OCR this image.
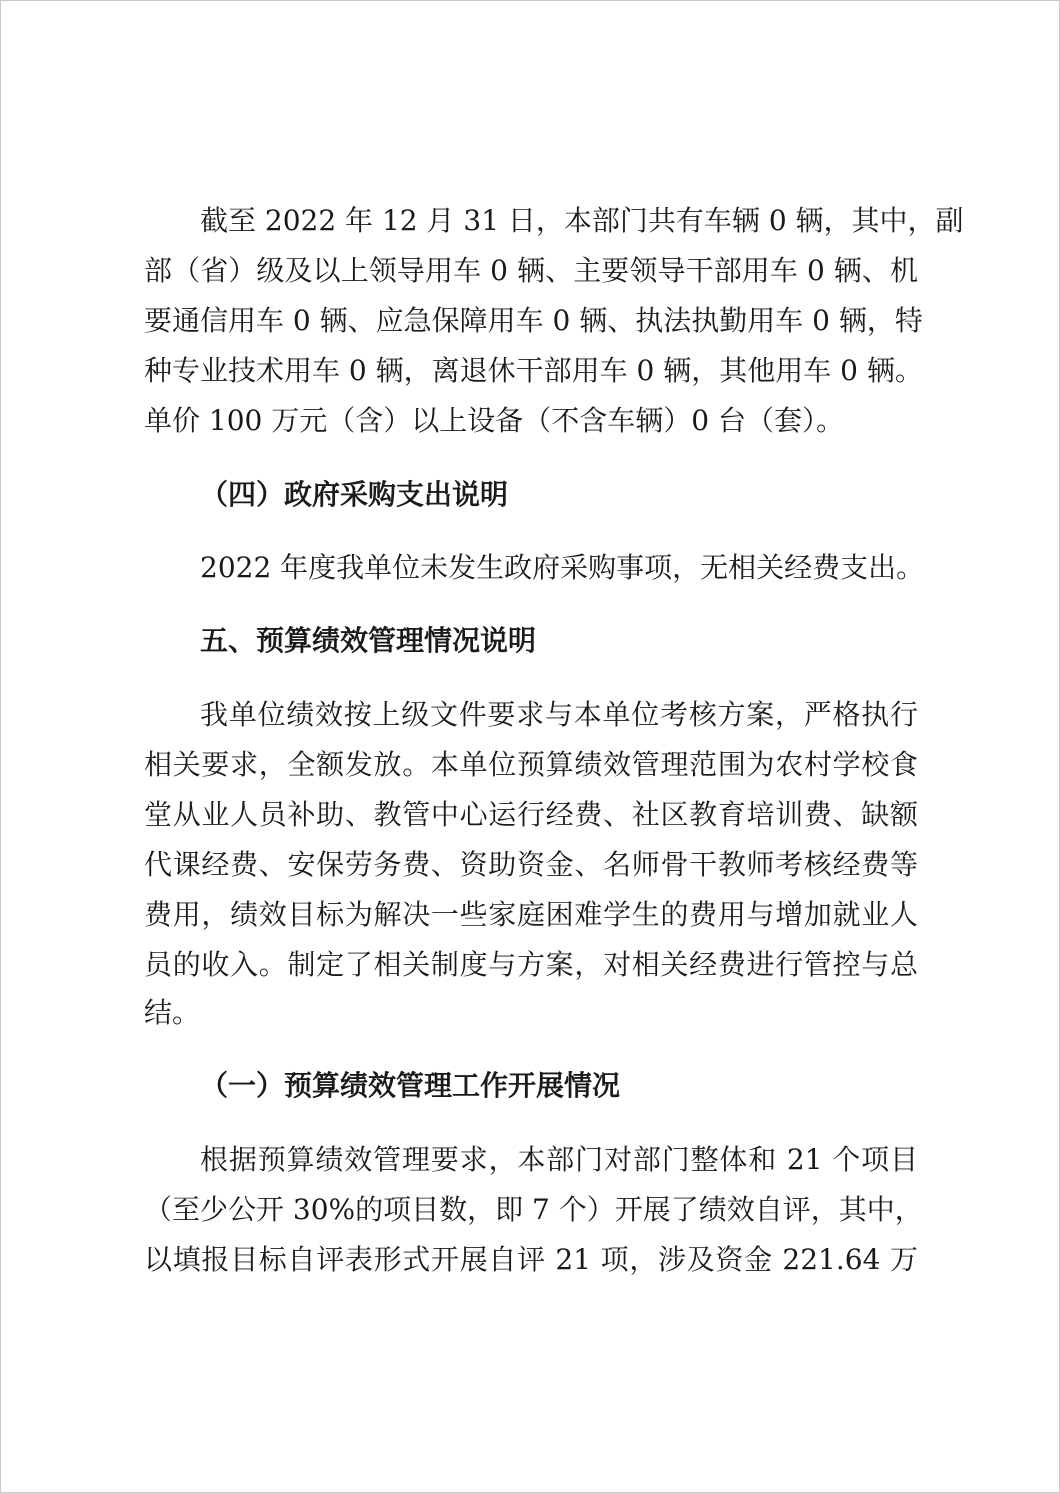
截至 2022 年 12 月 31 日，本部门共有车辆 0 辆，其中，副
部（省）级及以上领导用车 0 辆、主要领导干部用车 0 辆、机
要通信用车 0 辆、应急保障用车 0 辆、执法执勤用车 0 辆，特
种专业技术用车 0 辆，离退休干部用车 0 辆，其他用车 0 辆。
单价 100 万元（含）以上设备（不含车辆）0 台（套）。
（四）政府采购支出说明
2022 年度我单位未发生政府采购事项，无相关经费支出。
五、预算绩效管理情况说明
我单位绩效按上级文件要求与本单位考核方案，严格执行
相关要求，全额发放。本单位预算绩效管理范围为农村学校食
堂从业人员补助、教管中心运行经费、社区教育培训费、缺额
代课经费、安保劳务费、资助资金、名师骨干教师考核经费等
费用，绩效目标为解决一些家庭困难学生的费用与增加就业人
员的收入。制定了相关制度与方案，对相关经费进行管控与总
结。
（一）预算绩效管理工作开展情况
根据预算绩效管理要求，本部门对部门整体和 21 个项目
（至少公开 30%的项目数，即 7 个）开展了绩效自评，其中，
以填报目标自评表形式开展自评 21 项，涉及资金 221.64 万
